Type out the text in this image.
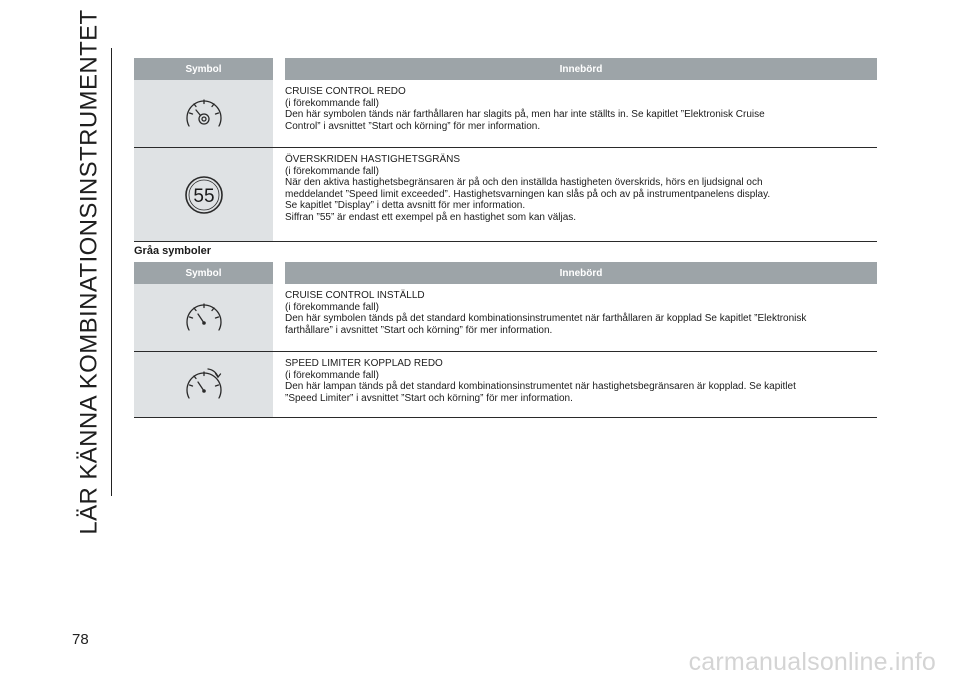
LÄR KÄNNA KOMBINATIONSINSTRUMENTET	Symbol	Innebörd
CRUISE CONTROL REDO
(i förekommande fall)
Den här symbolen tänds när farthållaren har slagits på, men har inte ställts in. Se kapitlet ”Elektronisk Cruise
Control” i avsnittet ”Start och körning” för mer information.
55
ÖVERSKRIDEN HASTIGHETSGRÄNS
(i förekommande fall)
När den aktiva hastighetsbegränsaren är på och den inställda hastigheten överskrids, hörs en ljudsignal och
meddelandet ”Speed limit exceeded”. Hastighetsvarningen kan slås på och av på instrumentpanelens display.
Se kapitlet ”Display” i detta avsnitt för mer information.
Siffran ”55” är endast ett exempel på en hastighet som kan väljas.
Gråa symboler
Symbol	Innebörd
CRUISE CONTROL INSTÄLLD
(i förekommande fall)
Den här symbolen tänds på det standard kombinationsinstrumentet när farthållaren är kopplad Se kapitlet ”Elektronisk
farthållare” i avsnittet ”Start och körning” för mer information.
SPEED LIMITER KOPPLAD REDO
(i förekommande fall)
Den här lampan tänds på det standard kombinationsinstrumentet när hastighetsbegränsaren är kopplad. Se kapitlet
”Speed Limiter” i avsnittet ”Start och körning” för mer information.
78
carmanualsonline.info
